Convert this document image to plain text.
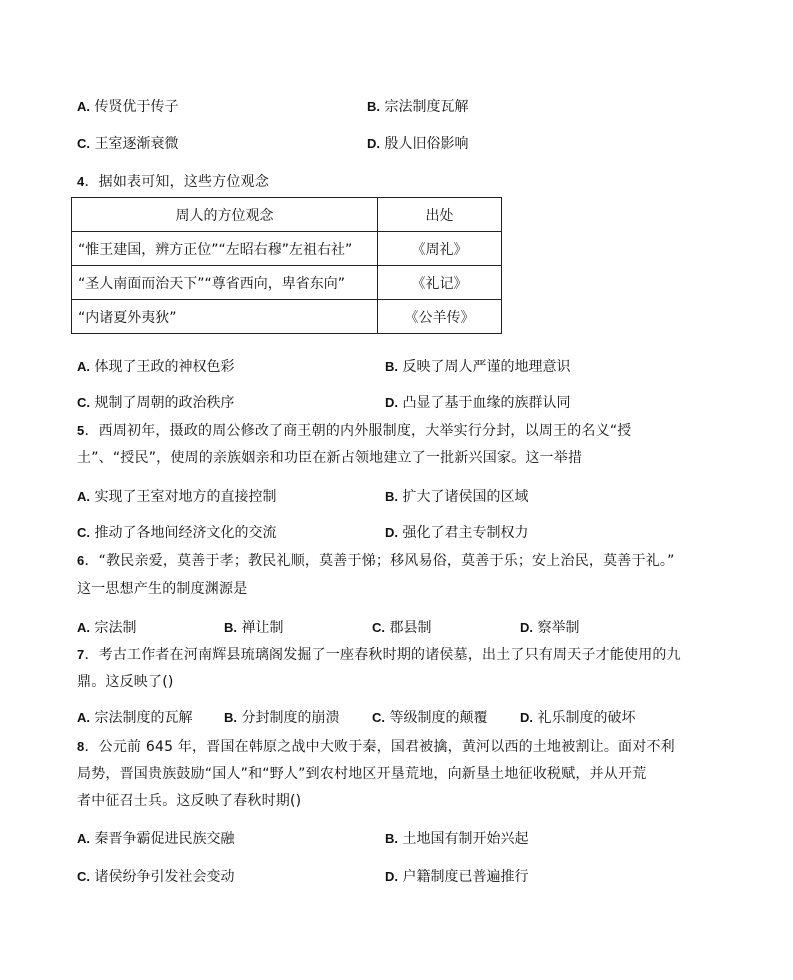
A. 传贤优于传子	B. 宗法制度瓦解
C. 王室逐渐衰微	D. 殷人旧俗影响
4．据如表可知，这些方位观念
周人的方位观念	出处
“惟王建国，辨方正位”“左昭右穆”左祖右社”	《周礼》
“圣人南面而治天下”“尊省西向，卑省东向”	《礼记》
“内诸夏外夷狄”	《公羊传》
A. 体现了王政的神权色彩	B. 反映了周人严谨的地理意识
C. 规制了周朝的政治秩序	D. 凸显了基于血缘的族群认同
5．西周初年，摄政的周公修改了商王朝的内外服制度，大举实行分封，以周王的名义“授
土”、“授民”，使周的亲族姻亲和功臣在新占领地建立了一批新兴国家。这一举措
A. 实现了王室对地方的直接控制	B. 扩大了诸侯国的区域
C. 推动了各地间经济文化的交流	D. 强化了君主专制权力
6．“教民亲爱，莫善于孝；教民礼顺，莫善于悌；移风易俗，莫善于乐；安上治民，莫善于礼。”
这一思想产生的制度渊源是
A. 宗法制	B. 禅让制	C. 郡县制	D. 察举制
7．考古工作者在河南辉县琉璃阁发掘了一座春秋时期的诸侯墓，出土了只有周天子才能使用的九
鼎。这反映了()
A. 宗法制度的瓦解 B. 分封制度的崩溃	C. 等级制度的颠覆	D. 礼乐制度的破坏
8．公元前 645 年，晋国在韩原之战中大败于秦，国君被擒，黄河以西的土地被割让。面对不利
局势，晋国贵族鼓励“国人”和“野人”到农村地区开垦荒地，向新垦土地征收税赋，并从开荒
者中征召士兵。这反映了春秋时期()
A. 秦晋争霸促进民族交融	B. 土地国有制开始兴起
C. 诸侯纷争引发社会变动	D. 户籍制度已普遍推行
